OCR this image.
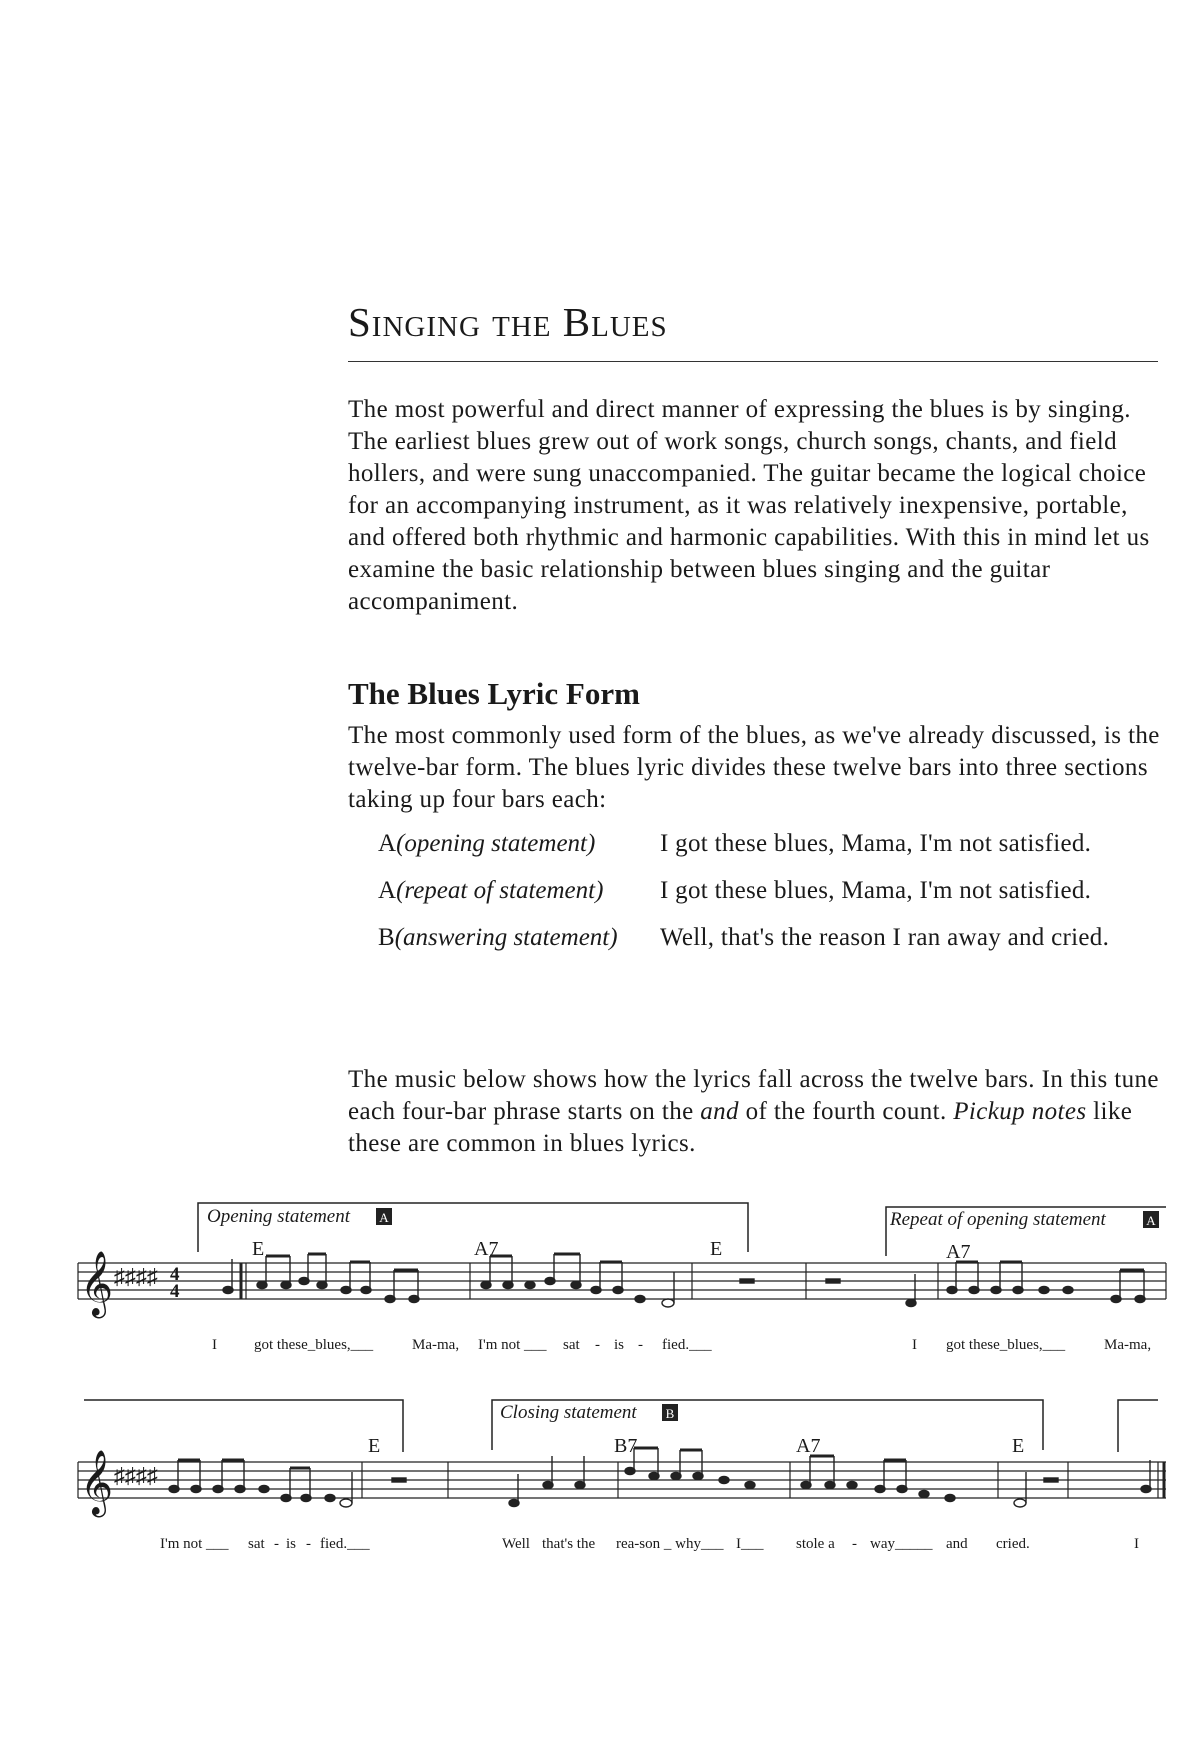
Singing the Blues

The most powerful and direct manner of expressing the blues is by singing. The earliest blues grew out of work songs, church songs, chants, and field hollers, and were sung unaccompanied. The guitar became the logical choice for an accompanying instrument, as it was relatively inexpensive, portable, and offered both rhythmic and harmonic capabilities. With this in mind let us examine the basic relationship between blues singing and the guitar accompaniment.

The Blues Lyric Form

The most commonly used form of the blues, as we've already discussed, is the twelve-bar form. The blues lyric divides these twelve bars into three sections taking up four bars each:

A(opening statement)	I got these blues, Mama, I'm not satisfied.
A(repeat of statement)	I got these blues, Mama, I'm not satisfied.
B(answering statement)	Well, that's the reason I ran away and cried.

The music below shows how the lyrics fall across the twelve bars. In this tune each four-bar phrase starts on the and of the fourth count. Pickup notes like these are common in blues lyrics.

Opening statement A	Repeat of opening statement	A
𝄞 ♯♯♯♯ 4
4
E	A7	E	A7
I got these_blues,___	Ma-ma, I'm not ___ sat - is - fied.___	I got these_blues,___	Ma-ma,
Closing statement B
𝄞 ♯♯♯♯
E	B7	A7	E
I'm not ___ sat - is - fied.___	Well that's the rea-son _ why___ I___ stole a - way_____ and cried.	I
